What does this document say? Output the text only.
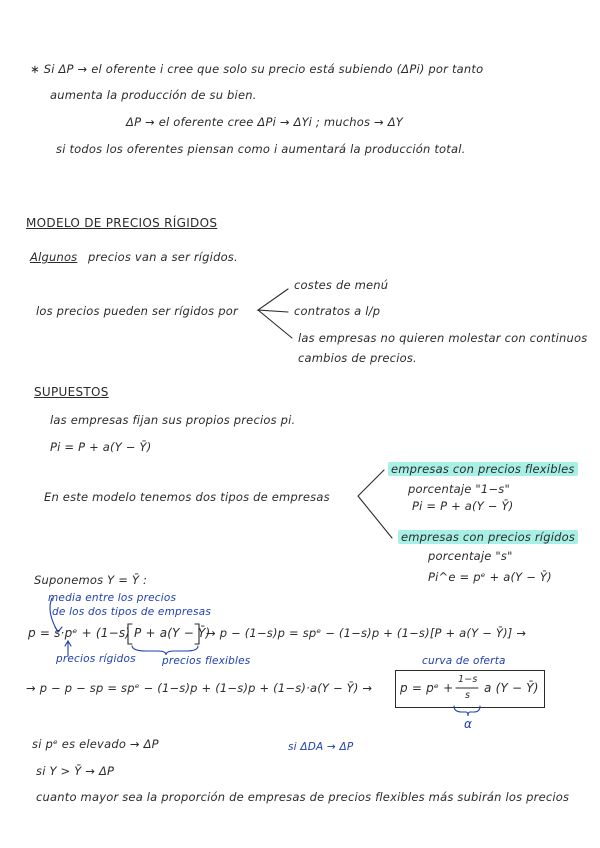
∗ Si ΔP → el oferente i cree que solo su precio está subiendo (ΔPi) por tanto
aumenta la producción de su bien.
ΔP → el oferente cree ΔPi → ΔYi ; muchos → ΔY
si todos los oferentes piensan como i aumentará la producción total.
MODELO DE PRECIOS RÍGIDOS
Algunos precios van a ser rígidos.
los precios pueden ser rígidos por
costes de menú
contratos a l/p
las empresas no quieren molestar con continuos
cambios de precios.
SUPUESTOS
las empresas fijan sus propios precios pi.
Pi = P + a(Y − Ȳ)
En este modelo tenemos dos tipos de empresas
empresas con precios flexibles
porcentaje "1−s"
Pi = P + a(Y − Ȳ)
empresas con precios rígidos
porcentaje "s"
Pi^e = pᵉ + a(Y − Ȳ)
Suponemos Y = Ȳ :
media entre los precios
de los dos tipos de empresas
p = s·pᵉ + (1−s) P + a(Y − Ȳ)
→ p − (1−s)p = spᵉ − (1−s)p + (1−s)[P + a(Y − Ȳ)] →
precios rígidos	precios flexibles	curva de oferta
→ p − p − sp = spᵉ − (1−s)p + (1−s)p + (1−s)·a(Y − Ȳ) → p = pᵉ +
1−s
s
a (Y − Ȳ)
α
si pᵉ es elevado → ΔP	si ΔDA → ΔP
si Y > Ȳ → ΔP
cuanto mayor sea la proporción de empresas de precios flexibles más subirán los precios
